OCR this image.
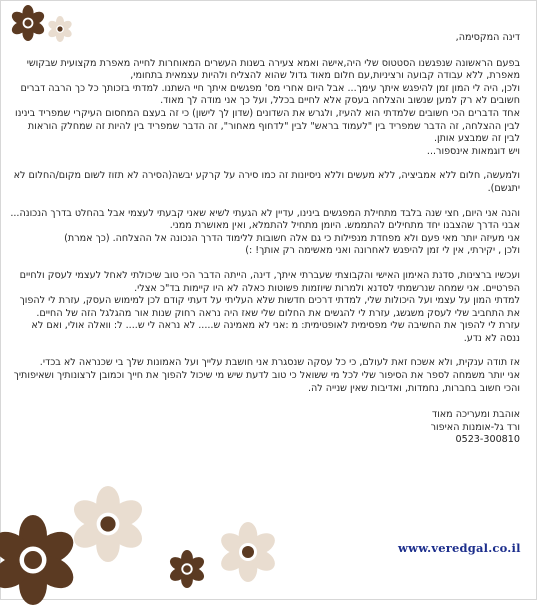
דינה המקסימה,

בפעם הראשונה שנפגשנו הסטטוס שלי היה,אישה ואמא צעירה בשנות העשרים המאוחרות לחייה מאפרת מקצועית שבקושי מאפרת, ללא עבודה קבועה ורציניות,עם חלום מאוד גדול שהוא להצליח ולהיות עצמאית בתחומי,

ולכן, היה לי המון זמן להיפגש איתך עימך... אבל היום אחרי מס' מפגשים איתך חיי השתנו. למדתי בזכותך כל כך הרבה דברים חשובים לא רק למען שנשוב והצלחה בעסק אלא לחיים בכלל, ועל כך אני מודה לך מאוד.

אחד הדברים הכי חשובים שלמדתי הוא להעיז, ולגרש את השדונים (שדון לך לישון) כי זה בעצם המחסום העיקרי שמפריד בינינו לבין ההצלחה, זה הדבר שמפריד בין "לעמוד בראש" לבין "לדחוף מאחור", זה הדבר שמפריד בין להיות זה שמחלק הוראות לבין זה שמבצע אותן.

ויש דוגמאות אינספור...

ולמעשה, חלום ללא אמביציה, ללא מעשים וללא ניסיונות זה כמו סירה על קרקע יבשה(הסירה לא תזוז לשום מקום/החלום לא יתגשם).

והנה אני היום, חצי שנה בלבד מתחילת המפגשים בינינו, עדיין לא הגעתי לשיא שאני קבעתי לעצמי אבל בהחלט בדרך הנכונה...

אבני הדרך שהצבנו יחד מתחילים להתממש. היומן מתחיל להתמלא, ואין מאושרת ממני.

אני מעיזה יותר מאי פעם ולא מפחדת מנפילות כי גם אלה חשובות ללימוד הדרך הנכונה אל ההצלחה. (כך אמרת)

ולכן , יקירתי, אין לי זמן להיפגש לאחרונה ואני מאשימה רק אותך! :)

ועכשיו ברצינות, סדנת האימון האישי והקבוצתי שעברתי איתך, דינה, הייתה הדבר הכי טוב שיכולתי לאחל לעצמי לעסק ולחיים הפרטיים. אני שמחה שנרשמתי לסדנא ולמרות שיוזמות פשוטות כאלה לא היו קיימות בד"כ אצלי.

למדתי המון על עצמי ועל היכולות שלי, למדתי דרכים חדשות שלא העליתי על דעתי קודם לכן למימוש העסק, עזרת לי להפוך את התחביב שלי לעסק משגשג, עזרת לי להגשים את החלום שלי שאז היה נראה רחוק שנות אור מהגלגל הזה של החיים.

עזרת לי להפוך את החשיבה שלי מפסימית לאופטימית: מ :אני לא מאמינה ש..... לא נראה לי ש.... ל: וואלה אולי, ואם לא ננסה לא נדע.

אז תודה ענקית, ולא אשכח זאת לעולם, כי כל עסקה שנסגרת אני חושבת עלייך ועל האמונות שלך בי שכנראה לא בכדי.

אני יותר משמחה לספר את הסיפור שלי לכל מי ששואל כי טוב לדעת שיש מי שיכול להפוך את חייך וכמובן לרצונותיך ושאיפותיך והכי חשוב בחברות, נחמדות, ואדיבות שאין שנייה לה.

אוהבת ומעריכה מאוד

ורד גל-אומנות האיפור

0523-300810

www.veredgal.co.il
